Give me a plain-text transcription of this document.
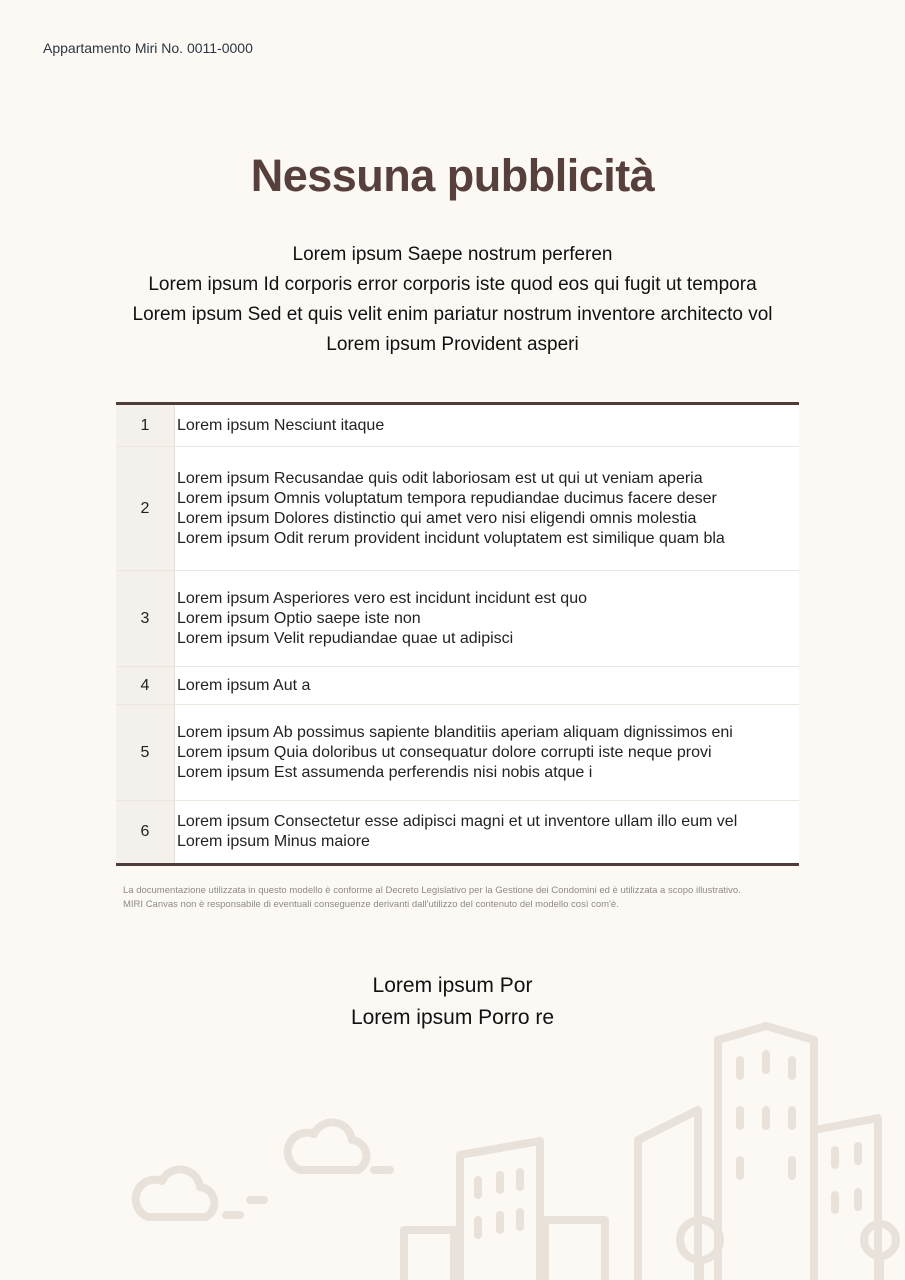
Appartamento Miri No. 0011-0000
Nessuna pubblicità
Lorem ipsum Saepe nostrum perferen
Lorem ipsum Id corporis error corporis iste quod eos qui fugit ut tempora
Lorem ipsum Sed et quis velit enim pariatur nostrum inventore architecto vol
Lorem ipsum Provident asperi
1	Lorem ipsum Nesciunt itaque

2	Lorem ipsum Recusandae quis odit laboriosam est ut qui ut veniam aperia
Lorem ipsum Omnis voluptatum tempora repudiandae ducimus facere deser
Lorem ipsum Dolores distinctio qui amet vero nisi eligendi omnis molestia
Lorem ipsum Odit rerum provident incidunt voluptatem est similique quam bla

3	Lorem ipsum Asperiores vero est incidunt incidunt est quo
Lorem ipsum Optio saepe iste non
Lorem ipsum Velit repudiandae quae ut adipisci

4	Lorem ipsum Aut a

5	Lorem ipsum Ab possimus sapiente blanditiis aperiam aliquam dignissimos eni
Lorem ipsum Quia doloribus ut consequatur dolore corrupti iste neque provi
Lorem ipsum Est assumenda perferendis nisi nobis atque i

6	Lorem ipsum Consectetur esse adipisci magni et ut inventore ullam illo eum vel
Lorem ipsum Minus maiore
La documentazione utilizzata in questo modello è conforme al Decreto Legislativo per la Gestione dei Condomini ed è utilizzata a scopo illustrativo.
MIRI Canvas non è responsabile di eventuali conseguenze derivanti dall'utilizzo del contenuto del modello così com'è.
Lorem ipsum Por
Lorem ipsum Porro re
